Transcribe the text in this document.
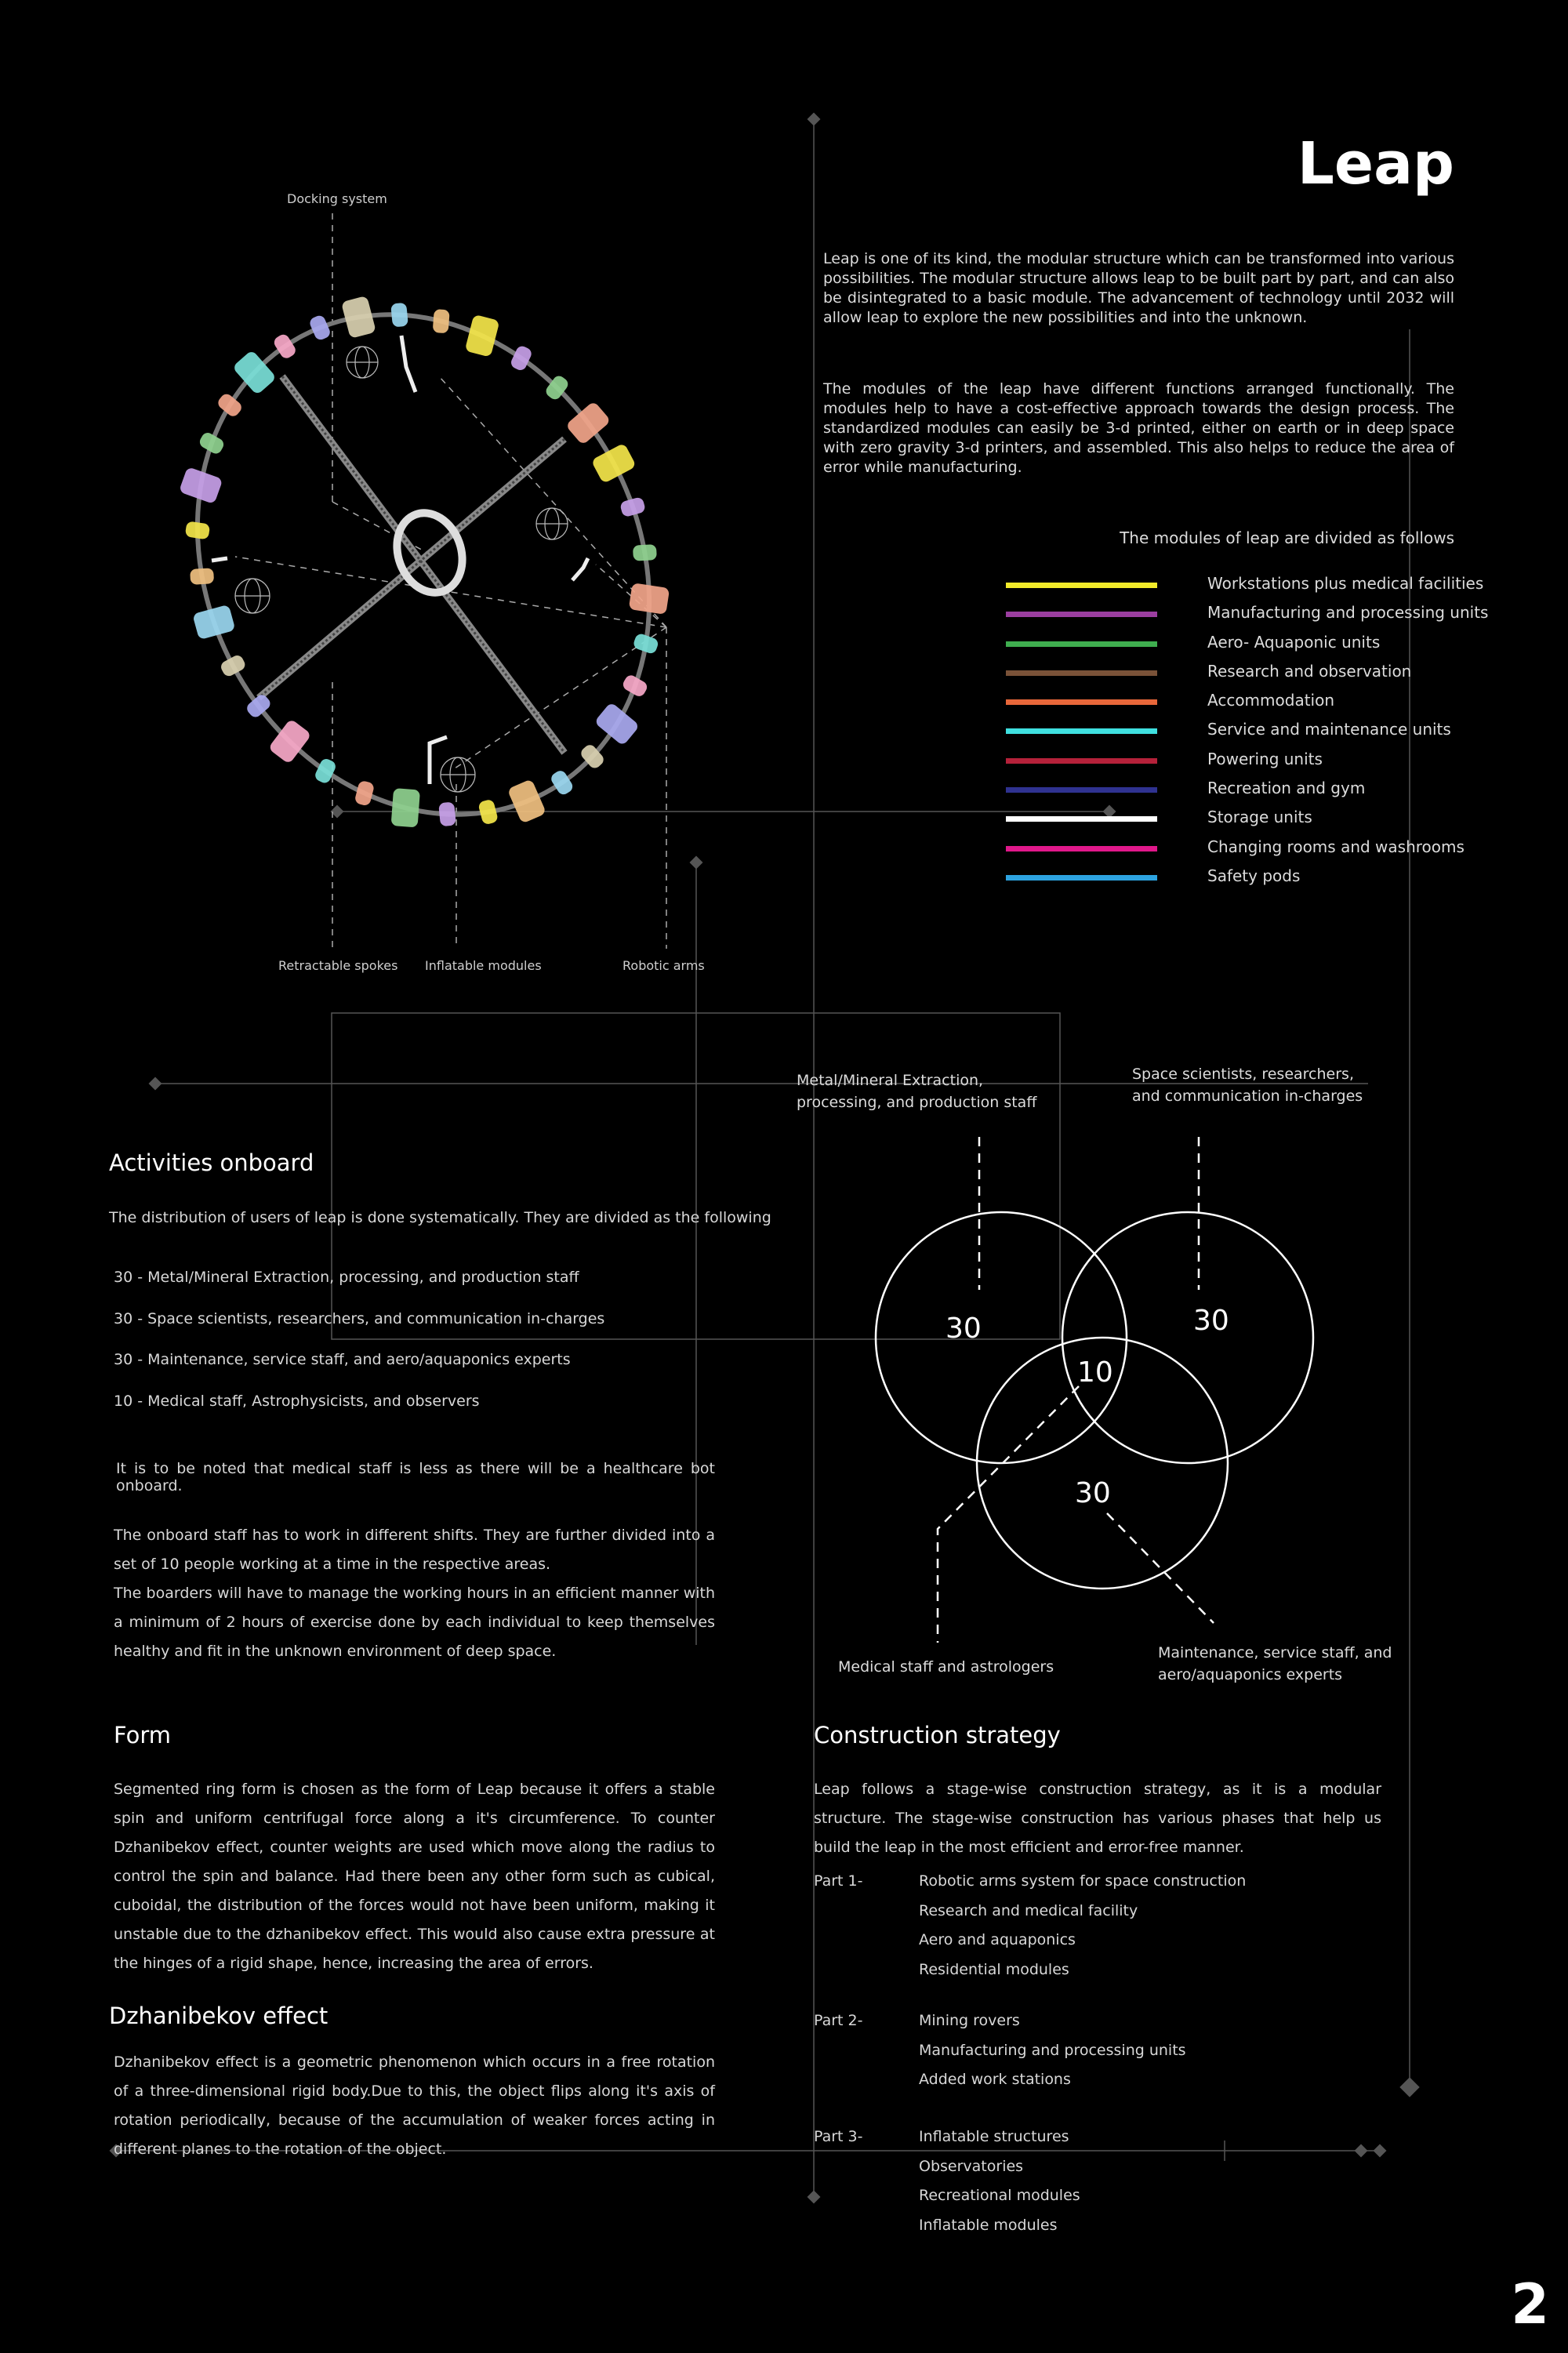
Docking system
Retractable spokes Inflatable modules	Robotic arms
Leap
Leap is one of its kind, the modular structure which can be transformed into various possibilities. The modular structure allows leap to be built part by part, and can also be disintegrated to a basic module. The advancement of technology until 2032 will allow leap to explore the new possibilities and into the unknown.
The modules of the leap have different functions arranged functionally. The modules help to have a cost-effective approach towards the design process. The standardized modules can easily be 3-d printed, either on earth or in deep space with zero gravity 3-d printers, and assembled. This also helps to reduce the area of error while manufacturing.
The modules of leap are divided as follows
Workstations plus medical facilities
Manufacturing and processing units
Aero- Aquaponic units
Research and observation
Accommodation
Service and maintenance units
Powering units
Recreation and gym
Storage units
Changing rooms and washrooms
Safety pods
Activities onboard
The distribution of users of leap is done systematically. They are divided as the following
30 - Metal/Mineral Extraction, processing, and production staff
30 - Space scientists, researchers, and communication in-charges
30 - Maintenance, service staff, and aero/aquaponics experts
10 - Medical staff, Astrophysicists, and observers
It is to be noted that medical staff is less as there will be a healthcare bot onboard.
The onboard staff has to work in different shifts. They are further divided into a set of 10 people working at a time in the respective areas.
The boarders will have to manage the working hours in an efficient manner with a minimum of 2 hours of exercise done by each individual to keep themselves healthy and fit in the unknown environment of deep space.
Metal/Mineral Extraction, processing, and production staff
Space scientists, researchers, and communication in-charges
Medical staff and astrologers
Maintenance, service staff, and aero/aquaponics experts
30	30
10
30
Form
Segmented ring form is chosen as the form of Leap because it offers a stable spin and uniform centrifugal force along a it's circumference. To counter Dzhanibekov effect, counter weights are used which move along the radius to control the spin and balance. Had there been any other form such as cubical, cuboidal, the distribution of the forces would not have been uniform, making it unstable due to the dzhanibekov effect. This would also cause extra pressure at the hinges of a rigid shape, hence, increasing the area of errors.
Dzhanibekov effect
Dzhanibekov effect is a geometric phenomenon which occurs in a free rotation of a three-dimensional rigid body.Due to this, the object flips along it's axis of rotation periodically, because of the accumulation of weaker forces acting in different planes to the rotation of the object.
Construction strategy
Leap follows a stage-wise construction strategy, as it is a modular structure. The stage-wise construction has various phases that help us build the leap in the most efficient and error-free manner.
Part 1-	Robotic arms system for space construction
Research and medical facility
Aero and aquaponics
Residential modules
Part 2-	Mining rovers
Manufacturing and processing units
Added work stations
Part 3-	Inflatable structures
Observatories
Recreational modules
Inflatable modules
2
